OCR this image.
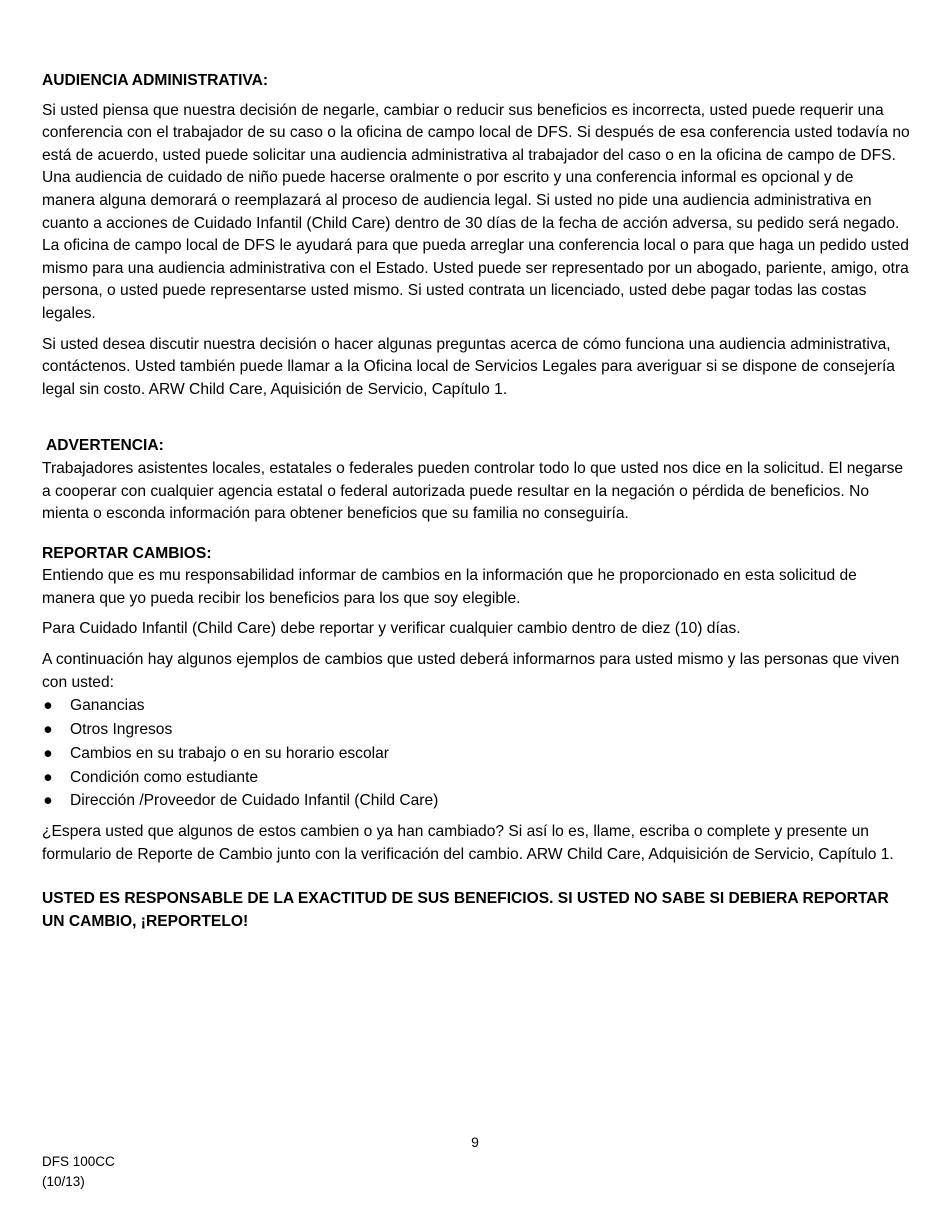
AUDIENCIA ADMINISTRATIVA:

Si usted piensa que nuestra decisión de negarle, cambiar o reducir sus beneficios es incorrecta, usted puede requerir una conferencia con el trabajador de su caso o la oficina de campo local de DFS. Si después de esa conferencia usted todavía no está de acuerdo, usted puede solicitar una audiencia administrativa al trabajador del caso o en la oficina de campo de DFS. Una audiencia de cuidado de niño puede hacerse oralmente o por escrito y una conferencia informal es opcional y de manera alguna demorará o reemplazará al proceso de audiencia legal. Si usted no pide una audiencia administrativa en cuanto a acciones de Cuidado Infantil (Child Care) dentro de 30 días de la fecha de acción adversa, su pedido será negado. La oficina de campo local de DFS le ayudará para que pueda arreglar una conferencia local o para que haga un pedido usted mismo para una audiencia administrativa con el Estado. Usted puede ser representado por un abogado, pariente, amigo, otra persona, o usted puede representarse usted mismo. Si usted contrata un licenciado, usted debe pagar todas las costas legales.

Si usted desea discutir nuestra decisión o hacer algunas preguntas acerca de cómo funciona una audiencia administrativa, contáctenos. Usted también puede llamar a la Oficina local de Servicios Legales para averiguar si se dispone de consejería legal sin costo. ARW Child Care, Aquisición de Servicio, Capítulo 1.

ADVERTENCIA:

Trabajadores asistentes locales, estatales o federales pueden controlar todo lo que usted nos dice en la solicitud. El negarse a cooperar con cualquier agencia estatal o federal autorizada puede resultar en la negación o pérdida de beneficios. No mienta o esconda información para obtener beneficios que su familia no conseguiría.

REPORTAR CAMBIOS:

Entiendo que es mu responsabilidad informar de cambios en la información que he proporcionado en esta solicitud de manera que yo pueda recibir los beneficios para los que soy elegible.

Para Cuidado Infantil (Child Care) debe reportar y verificar cualquier cambio dentro de diez (10) días.

A continuación hay algunos ejemplos de cambios que usted deberá informarnos para usted mismo y las personas que viven con usted:

● Ganancias
● Otros Ingresos
● Cambios en su trabajo o en su horario escolar
● Condición como estudiante
● Dirección /Proveedor de Cuidado Infantil (Child Care)

¿Espera usted que algunos de estos cambien o ya han cambiado? Si así lo es, llame, escriba o complete y presente un formulario de Reporte de Cambio junto con la verificación del cambio. ARW Child Care, Adquisición de Servicio, Capítulo 1.

USTED ES RESPONSABLE DE LA EXACTITUD DE SUS BENEFICIOS. SI USTED NO SABE SI DEBIERA REPORTAR UN CAMBIO, ¡REPORTELO!

9
DFS 100CC
(10/13)
